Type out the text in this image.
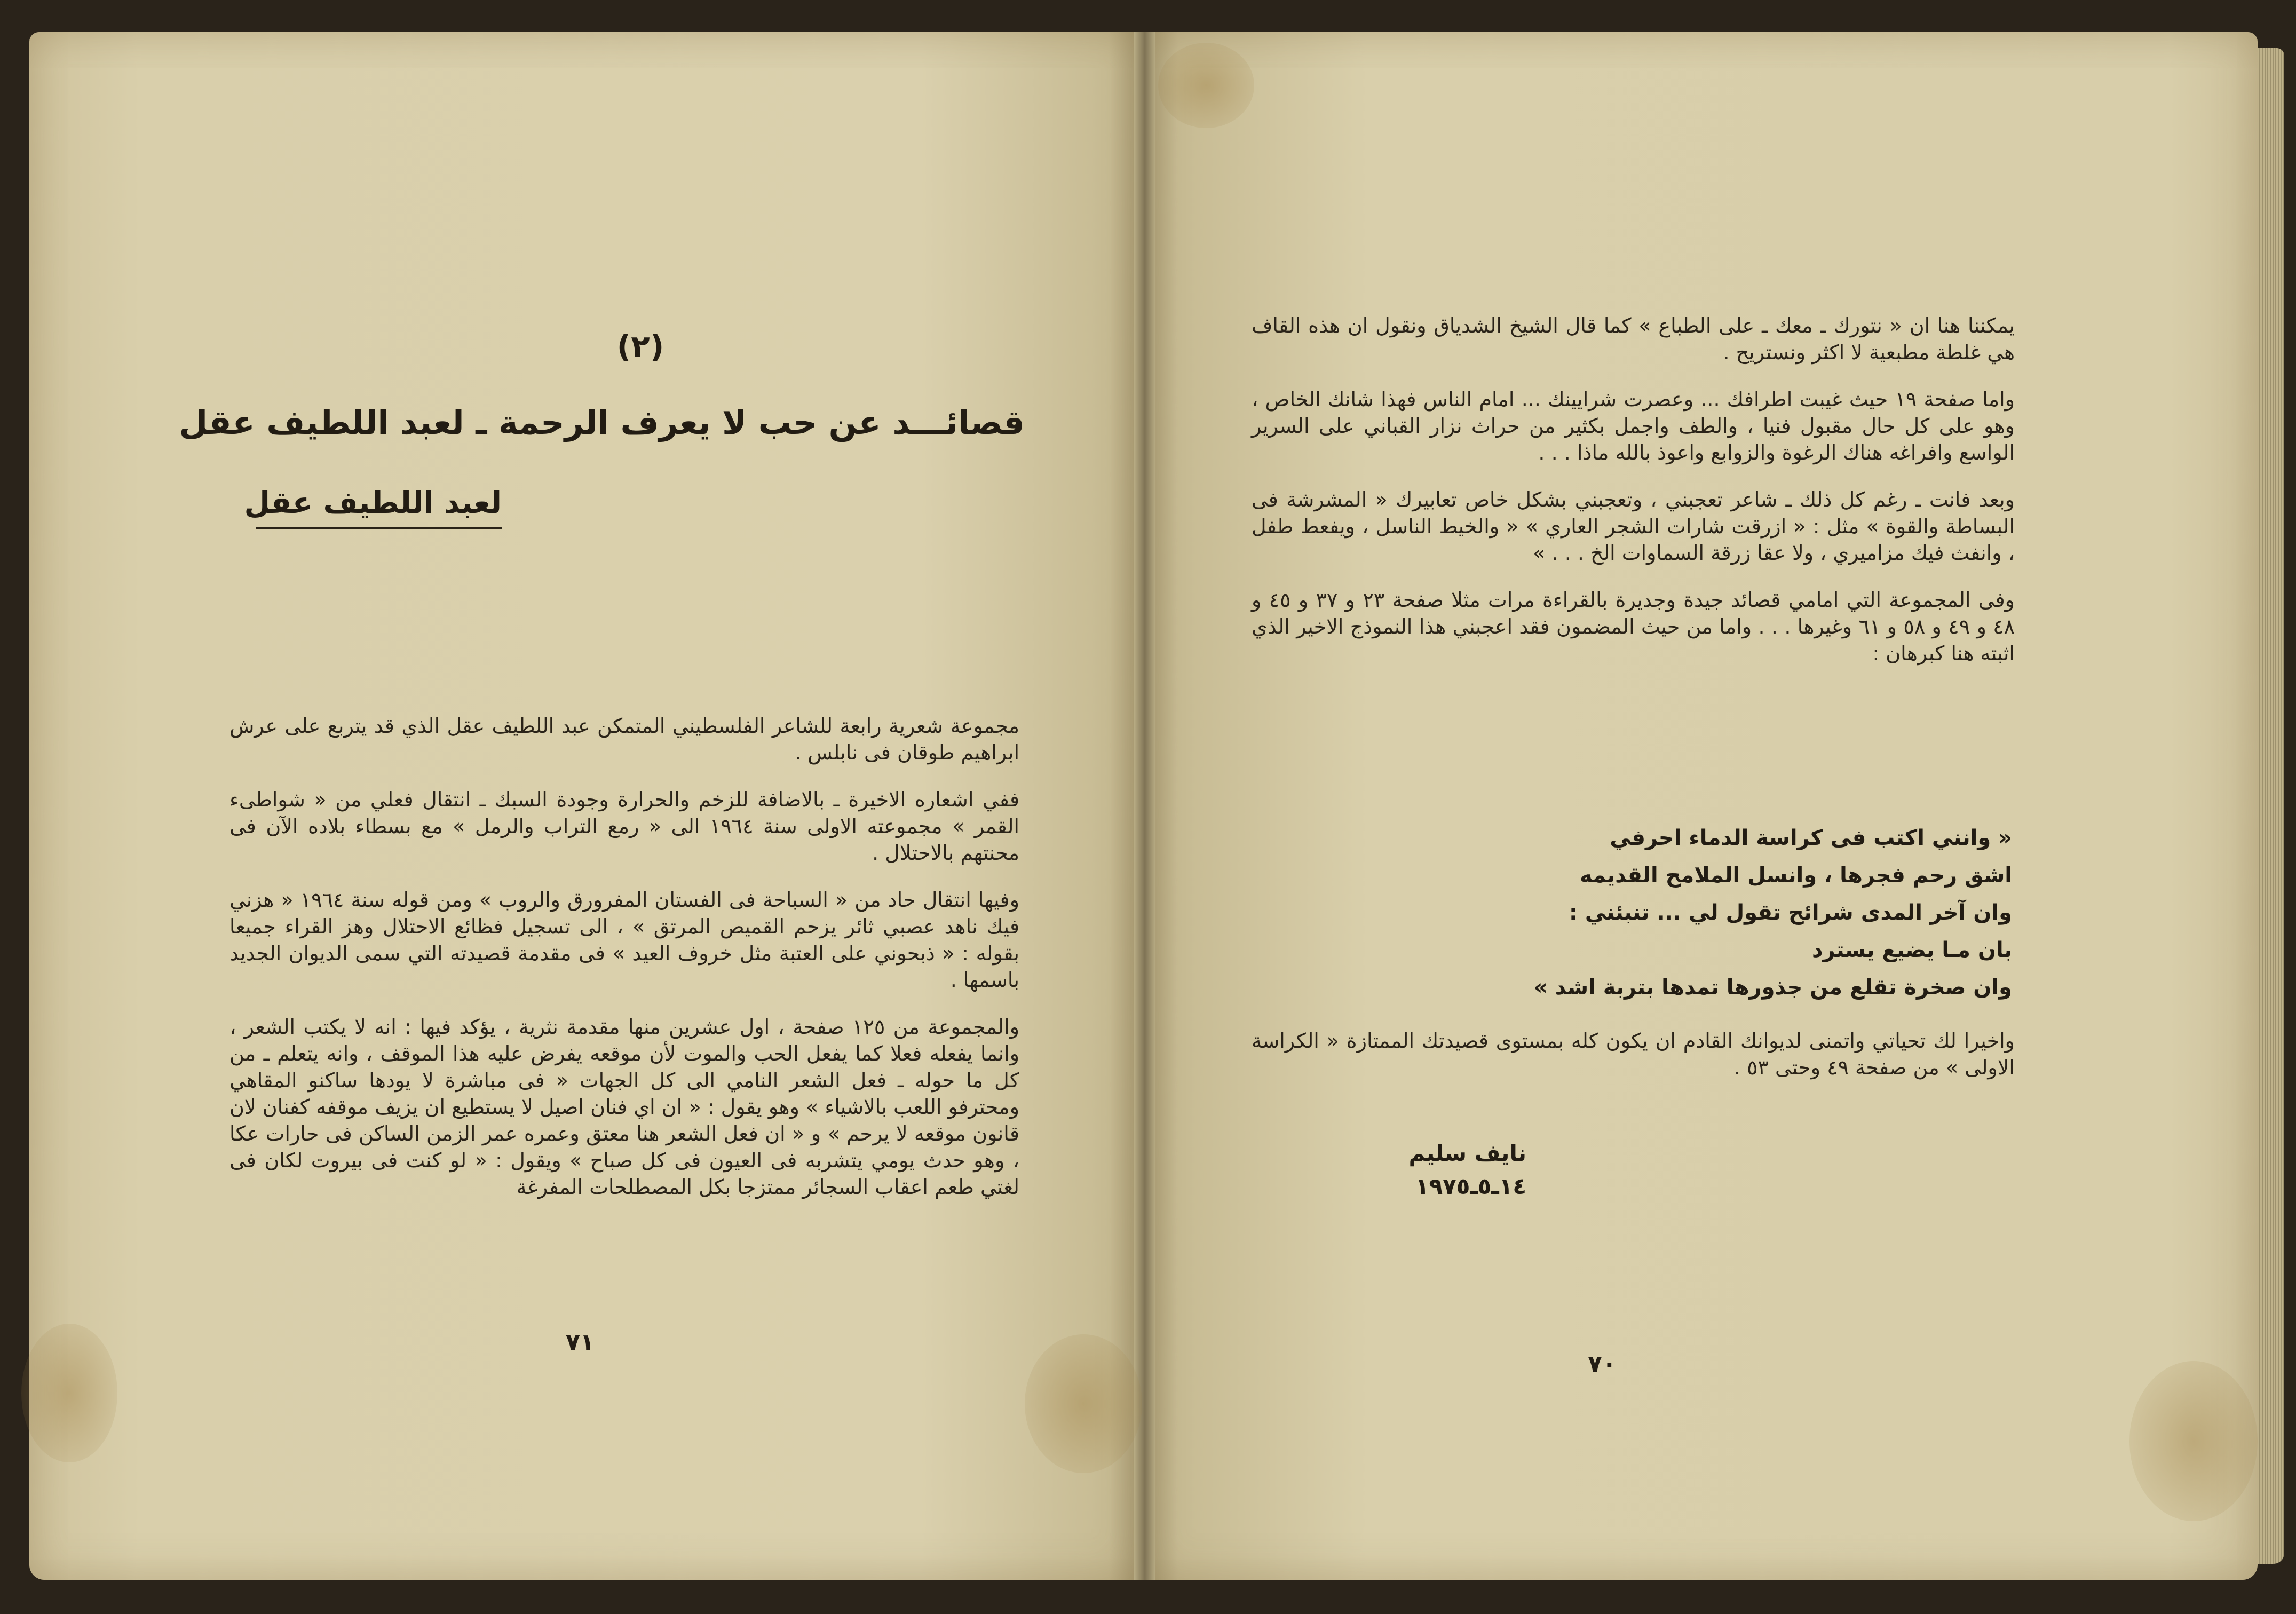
(٢)
قصائـــد عن حب لا يعرف الرحمة ـ لعبد اللطيف عقل
لعبد اللطيف عقل

مجموعة شعرية رابعة للشاعر الفلسطيني المتمكن عبد اللطيف عقل الذي قد يتربع على عرش ابراهيم طوقان فى نابلس .

ففي اشعاره الاخيرة ـ بالاضافة للزخم والحرارة وجودة السبك ـ انتقال فعلي من « شواطىء القمر » مجموعته الاولى سنة ١٩٦٤ الى « رمع التراب والرمل » مع بسطاء بلاده الآن فى محنتهم بالاحتلال .

وفيها انتقال حاد من « السباحة فى الفستان المفرورق والروب » ومن قوله سنة ١٩٦٤ « هزني فيك ناهد عصبي ثائر يزحم القميص المرتق » ، الى تسجيل فظائع الاحتلال وهز القراء جميعا بقوله : « ذبحوني على العتبة مثل خروف العيد » فى مقدمة قصيدته التي سمى الديوان الجديد باسمها .

والمجموعة من ١٢٥ صفحة ، اول عشرين منها مقدمة نثرية ، يؤكد فيها : انه لا يكتب الشعر ، وانما يفعله فعلا كما يفعل الحب والموت لأن موقعه يفرض عليه هذا الموقف ، وانه يتعلم ـ من كل ما حوله ـ فعل الشعر النامي الى كل الجهات « فى مباشرة لا يودها ساكنو المقاهي ومحترفو اللعب بالاشياء » وهو يقول : « ان اي فنان اصيل لا يستطيع ان يزيف موقفه كفنان لان قانون موقعه لا يرحم » و « ان فعل الشعر هنا معتق وعمره عمر الزمن الساكن فى حارات عكا ، وهو حدث يومي يتشربه فى العيون فى كل صباح » ويقول : « لو كنت فى بيروت لكان فى لغتي طعم اعقاب السجائر ممتزجا بكل المصطلحات المفرغة

٧١

يمكننا هنا ان « نتورك ـ معك ـ على الطباع » كما قال الشيخ الشدياق ونقول ان هذه القاف هي غلطة مطبعية لا اكثر ونستريح .

واما صفحة ١٩ حيث غيبت اطرافك ... وعصرت شرايينك ... امام الناس فهذا شانك الخاص ، وهو على كل حال مقبول فنيا ، والطف واجمل بكثير من حراث نزار القباني على السرير الواسع وافراغه هناك الرغوة والزوابع واعوذ بالله ماذا . . .

وبعد فانت ـ رغم كل ذلك ـ شاعر تعجبني ، وتعجبني بشكل خاص تعابيرك « المشرشة فى البساطة والقوة » مثل : « ازرقت شارات الشجر العاري » « والخيط الناسل ، ويفعط طفل ، وانفث فيك مزاميري ، ولا عقا زرقة السماوات الخ . . . »

وفى المجموعة التي امامي قصائد جيدة وجديرة بالقراءة مرات مثلا صفحة ٢٣ و ٣٧ و ٤٥ و ٤٨ و ٤٩ و ٥٨ و ٦١ وغيرها . . . واما من حيث المضمون فقد اعجبني هذا النموذج الاخير الذي اثبته هنا كبرهان :

« وانني اكتب فى كراسة الدماء احرفي
اشق رحم فجرها ، وانسل الملامح القديمه
وان آخر المدى شرائح تقول لي ... تنبئني :
بان مـا يضيع يسترد
وان صخرة تقلع من جذورها تمدها بتربة اشد »

واخيرا لك تحياتي واتمنى لديوانك القادم ان يكون كله بمستوى قصيدتك الممتازة « الكراسة الاولى » من صفحة ٤٩ وحتى ٥٣ .

نايف سليم
١٤ـ٥ـ١٩٧٥
٧٠
